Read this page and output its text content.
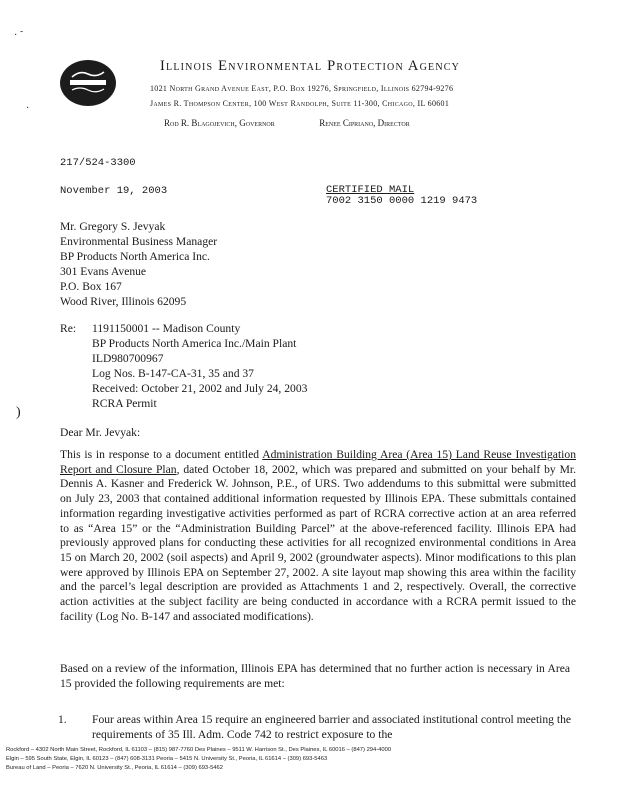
· ˜
·
)
Illinois Environmental Protection Agency
1021 North Grand Avenue East, P.O. Box 19276, Springfield, Illinois 62794-9276
James R. Thompson Center, 100 West Randolph, Suite 11-300, Chicago, IL 60601
Rod R. Blagojevich, Governor	Renee Cipriano, Director
217/524-3300
November 19, 2003	CERTIFIED MAIL
7002 3150 0000 1219 9473
Mr. Gregory S. Jevyak
Environmental Business Manager
BP Products North America Inc.
301 Evans Avenue
P.O. Box 167
Wood River, Illinois 62095
Re: 1191150001 -- Madison County
BP Products North America Inc./Main Plant
ILD980700967
Log Nos. B-147-CA-31, 35 and 37
Received: October 21, 2002 and July 24, 2003
RCRA Permit
Dear Mr. Jevyak:

This is in response to a document entitled Administration Building Area (Area 15) Land Reuse Investigation Report and Closure Plan, dated October 18, 2002, which was prepared and submitted on your behalf by Mr. Dennis A. Kasner and Frederick W. Johnson, P.E., of URS. Two addendums to this submittal were submitted on July 23, 2003 that contained additional information requested by Illinois EPA. These submittals contained information regarding investigative activities performed as part of RCRA corrective action at an area referred to as “Area 15” or the “Administration Building Parcel” at the above-referenced facility. Illinois EPA had previously approved plans for conducting these activities for all recognized environmental conditions in Area 15 on March 20, 2002 (soil aspects) and April 9, 2002 (groundwater aspects). Minor modifications to this plan were approved by Illinois EPA on September 27, 2002. A site layout map showing this area within the facility and the parcel’s legal description are provided as Attachments 1 and 2, respectively. Overall, the corrective action activities at the subject facility are being conducted in accordance with a RCRA permit issued to the facility (Log No. B-147 and associated modifications).

Based on a review of the information, Illinois EPA has determined that no further action is necessary in Area 15 provided the following requirements are met:
1. Four areas within Area 15 require an engineered barrier and associated institutional control meeting the requirements of 35 Ill. Adm. Code 742 to restrict exposure to the
Rockford – 4302 North Main Street, Rockford, IL 61103 – (815) 987-7760 Des Plaines – 9511 W. Harrison St., Des Plaines, IL 60016 – (847) 294-4000
Elgin – 595 South State, Elgin, IL 60123 – (847) 608-3131 Peoria – 5415 N. University St., Peoria, IL 61614 – (309) 693-5463
Bureau of Land – Peoria – 7620 N. University St., Peoria, IL 61614 – (309) 693-5462
